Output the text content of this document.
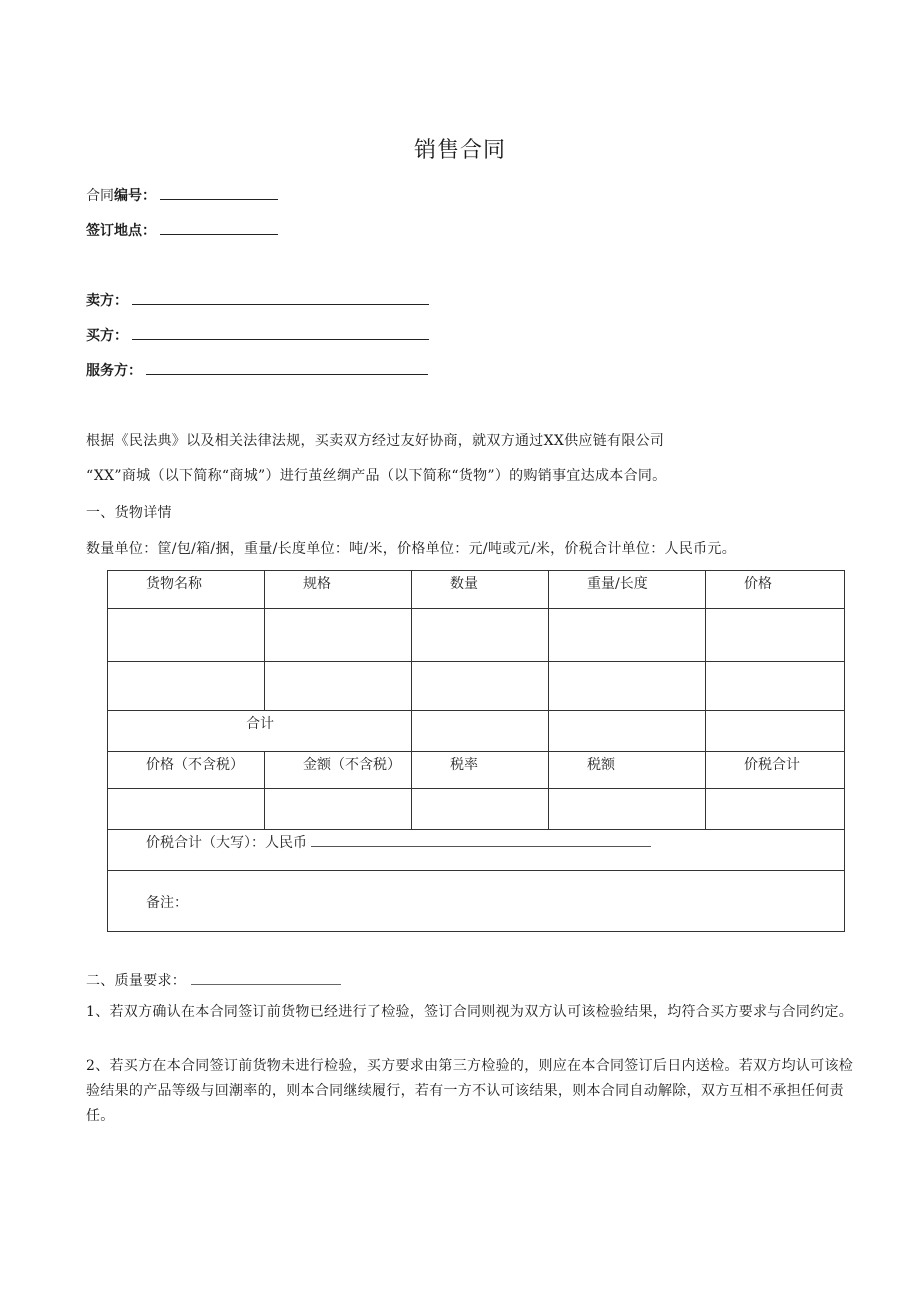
销售合同
合同编号：
签订地点：
卖方：
买方：
服务方：
根据《民法典》以及相关法律法规，买卖双方经过友好协商，就双方通过XX供应链有限公司
“XX”商城（以下简称“商城”）进行茧丝绸产品（以下简称“货物”）的购销事宜达成本合同。
一、货物详情
数量单位：筐/包/箱/捆，重量/长度单位：吨/米，价格单位：元/吨或元/米，价税合计单位：人民币元。
货物名称	规格	数量	重量/长度	价格

合计				
价格（不含税）	金额（不含税）	税率	税额	价税合计

价税合计（大写）：人民币				
备注：				
二、质量要求：
1、若双方确认在本合同签订前货物已经进行了检验，签订合同则视为双方认可该检验结果，均符合买方要求与合同约定。
2、若买方在本合同签订前货物未进行检验，买方要求由第三方检验的，则应在本合同签订后日内送检。若双方均认可该检验结果的产品等级与回潮率的，则本合同继续履行，若有一方不认可该结果，则本合同自动解除，双方互相不承担任何责任。
